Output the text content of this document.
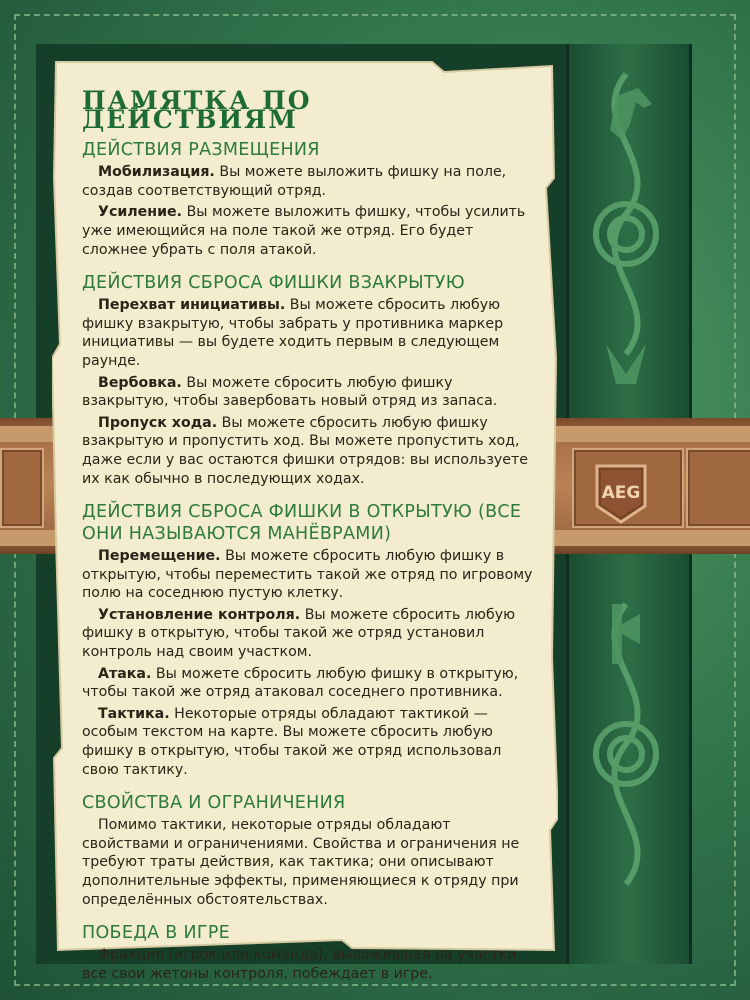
AEG
ПАМЯТКА ПО ДЕЙСТВИЯМ
ДЕЙСТВИЯ РАЗМЕЩЕНИЯ

Мобилизация. Вы можете выложить фишку на поле, создав соответствующий отряд.

Усиление. Вы можете выложить фишку, чтобы усилить уже имеющийся на поле такой же отряд. Его будет сложнее убрать с поля атакой.

ДЕЙСТВИЯ СБРОСА ФИШКИ ВЗАКРЫТУЮ

Перехват инициативы. Вы можете сбросить любую фишку взакрытую, чтобы забрать у противника маркер инициативы — вы будете ходить первым в следующем раунде.

Вербовка. Вы можете сбросить любую фишку взакрытую, чтобы завербовать новый отряд из запаса.

Пропуск хода. Вы можете сбросить любую фишку взакрытую и пропустить ход. Вы можете пропустить ход, даже если у вас остаются фишки отрядов: вы используете их как обычно в последующих ходах.

ДЕЙСТВИЯ СБРОСА ФИШКИ В ОТКРЫТУЮ (ВСЕ ОНИ НАЗЫВАЮТСЯ МАНЁВРАМИ)

Перемещение. Вы можете сбросить любую фишку в открытую, чтобы переместить такой же отряд по игровому полю на соседнюю пустую клетку.

Установление контроля. Вы можете сбросить любую фишку в открытую, чтобы такой же отряд установил контроль над своим участком.

Атака. Вы можете сбросить любую фишку в открытую, чтобы такой же отряд атаковал соседнего противника.

Тактика. Некоторые отряды обладают тактикой — особым текстом на карте. Вы можете сбросить любую фишку в открытую, чтобы такой же отряд использовал свою тактику.

СВОЙСТВА И ОГРАНИЧЕНИЯ

Помимо тактики, некоторые отряды обладают свойствами и ограничениями. Свойства и ограничения не требуют траты действия, как тактика; они описывают дополнительные эффекты, применяющиеся к отряду при определённых обстоятельствах.

ПОБЕДА В ИГРЕ

Фракция (игрок или команда), выложившая на участки все свои жетоны контроля, побеждает в игре.
